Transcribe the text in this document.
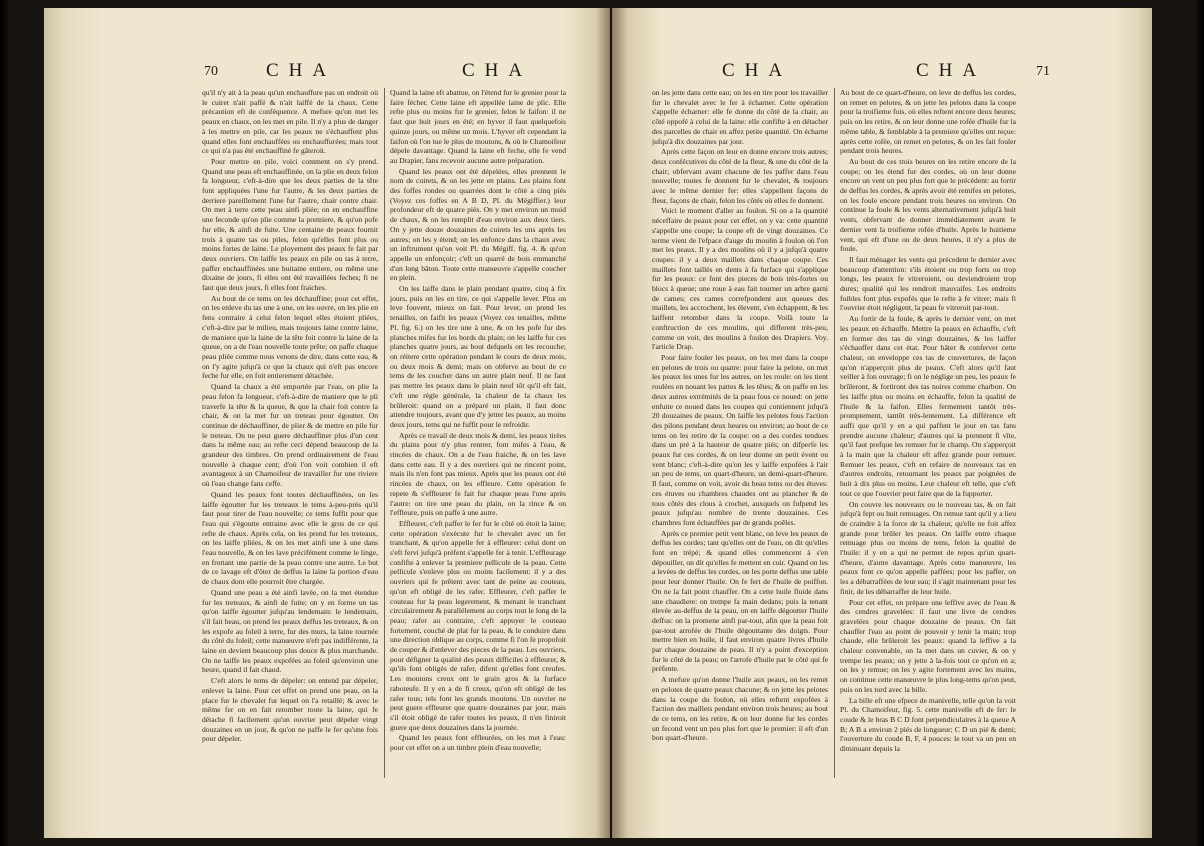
70	CHA	CHA

qu'il n'y ait à la peau qu'un enchauffure pas un endroit où le cuiret n'ait paffé & n'ait laiffé de la chaux. Cette précaution eft de conféquence. A mefure qu'on met les peaux en chaux, on les met en pile. Il n'y a plus de danger à les mettre en pile, car les peaux ne s'échauffent plus quand elles font enchauffées ou enchauffurées; mais tout ce qui n'a pas été enchauffiné fe gâteroit.

Pour mettre en pile, voici comment on s'y prend. Quand une peau eft enchauffinée, on la plie en deux felon fa longueur, c'eft-à-dire que les deux parties de la tête font appliquées l'une fur l'autre, & les deux parties de derriere pareillement l'une fur l'autre, chair contre chair. On met à terre cette peau ainfi pliée; on en enchauffine une feconde qu'on plie comme la premiere, & qu'on pofe fur elle, & ainfi de fuite. Une centaine de peaux fournit trois à quatre tas ou piles, felon qu'elles font plus ou moins fortes de laine. Le ployement des peaux fe fait par deux ouvriers. On laiffe les peaux en pile ou tas à terre, paffer enchauffinées une huitaine entiere, ou même une dixaine de jours, fi elles ont été travaillées feches; fi ne faut que deux jours, fi elles font fraiches.

Au bout de ce tems on les déchauffine; pour cet effet, on les enleve du tas une à une, on les ouvre, on les plie en fens contraire à celui felon lequel elles étoient pliées, c'eft-à-dire par le milieu, mais toujours laine contre laine, de maniere que la laine de la tête foit contre la laine de la queue, on a de l'eau nouvelle toute prête; on paffe chaque peau pliée comme nous venons de dire, dans cette eau, & on l'y agite jufqu'à ce que la chaux qui n'eft pas encore feche fur elle, en foit entierement détachée.

Quand la chaux a été emportée par l'eau, on plie la peau felon fa longueur, c'eft-à-dire de maniere que le pli traverfe la tête & la queue, & que la chair foit contre la chair, & on la met fur un treteau pour égoutter. On continue de déchauffiner, de plier & de mettre en pile fur le treteau. On ne peut guere déchauffiner plus d'un cent dans la même eau; au refte ceci dépend beaucoup de la grandeur des timbres. On prend ordinairement de l'eau nouvelle à chaque cent; d'où l'on voit combien il eft avantageux à un Chamoifeur de travailler fur une riviere où l'eau change fans ceffe.

Quand les peaux font toutes déchauffinées, on les laiffe égoutter fur les treteaux le tems à-peu-près qu'il faut pour tirer de l'eau nouvelle; ce tems fuffit pour que l'eau qui s'égoutte entraine avec elle le gros de ce qui refte de chaux. Après cela, on les prend fur les treteaux, on les laiffe pliées, & on les met ainfi une à une dans l'eau nouvelle, & on les lave précifément comme le linge, en frottant une partie de la peau contre une autre. Le but de ce lavage eft d'ôter de deffus la laine la portion d'eau de chaux dont elle pourroit être chargée.

Quand une peau a été ainfi lavée, on la met étendue fur les treteaux, & ainfi de fuite; on y en forme un tas qu'on laiffe égoutter jufqu'au lendemain: le lendemain, s'il fait beau, on prend les peaux deffus les treteaux, & on les expofe au foleil à terre, fur des murs, la laine tournée du côté du foleil; cette manœuvre n'eft pas indifférente, la laine en devient beaucoup plus douce & plus marchande. On ne laiffe les peaux expofées au foleil qu'environ une heure, quand il fait chaud.

C'eft alors le tems de dépeler: on entend par dépeler, enlever la laine. Pour cet effet on prend une peau, on la place fur le chevalet fur lequel on l'a retaillé; & avec le même fer on en fait retomber toute la laine, qui fe détache fi facilement qu'un ouvrier peut dépeler vingt douzaines en un jour, & qu'on ne paffe le fer qu'une fois pour dépeler.

Quand la laine eft abattue, on l'étend fur le grenier pour la faire fécher. Cette laine eft appellée laine de plic. Elle refte plus ou moins fur le grenier, felon le faifon: il ne faut que huit jours en été; en hyver il faut quelquefois quinze jours, ou même un mois. L'hyver eft cependant la faifon où l'on tue le plus de moutons, & où le Chamoifeur dépele davantage. Quand la laine eft feche, elle fe vend au Drapier, fans recevoir aucune autre préparation.

Quand les peaux ont été dépelées, elles prennent le nom de cuirets, & on les jette en plains. Les plains font des foffes rondes ou quarrées dont le côté a cinq piés (Voyez ces foffes en A B D, Pl. du Mégiffier.) leur profondeur eft de quatre piés. On y met environ un muid de chaux, & on les remplit d'eau environ aux deux tiers. On y jette douze douzaines de cuirets les uns après les autres; on les y étend; on les enfonce dans la chaux avec un inftrument qu'on voit Pl. du Mégiff. fig. 4. & qu'on appelle un enfonçoir; c'eft un quarré de bois emmanché d'un long bâton. Toute cette manœuvre s'appelle coucher en plein.

On les laiffe dans le plain pendant quatre, cinq à fix jours, puis on les en tire, ce qui s'appelle lever. Plus on leve fouvent, mieux on fait. Pour lever, on prend les tenailles, on faifit les peaux (Voyez ces tenailles, même Pl. fig. 6.) on les tire une à une, & on les pofe fur des planches mifes fur les bords du plain; on les laiffe fur ces planches quatre jours, au bout defquels on les recouche; on réitere cette opération pendant le cours de deux mois, ou deux mois & demi; mais on obferve au bout de ce tems de les coucher dans un autre plain neuf. Il ne faut pas mettre les peaux dans le plain neuf tôt qu'il eft fait, c'eft une régle générale, la chaleur de la chaux les brûleroit: quand on a préparé un plain, il faut donc attendre toujours, avant que d'y jetter les peaux, au moins deux jours, tems qui ne fuffit pour le refroidir.

Après ce travail de deux mois & demi, les peaux tirées du plains pour n'y plus rentrer, font mifes à l'eau, & rincées de chaux. On a de l'eau fraiche, & on les lave dans cette eau. Il y a des ouvriers qui ne rincent point, mais ils n'en font pas mieux. Après que les peaux ont été rincées de chaux, on les effleure. Cette opération fe repete & s'effleurer fe fait fur chaque peau l'une après l'autre: on tire une peau du plain, on la rince & on l'effleure, puis on paffe à une autre.

Effleurer, c'eft paffer le fer fur le côté où étoit la laine; cette opération s'exécute fur le chevalet avec un fer tranchant, & qu'on appelle fer à effleurer: celui dont on s'eft fervi jufqu'à préfent s'appelle fer à tenir. L'effleurage confifte à enlever la premiere pellicule de la peau. Cette pellicule s'enleve plus ou moins facilement: il y a des ouvriers qui fe prêtent avec tant de peine au couteau, qu'on eft obligé de les rafer. Effleurer, c'eft paffer le couteau fur la peau legerement, & menant le tranchant circulairement & parallélement au corps tout le long de la peau; rafer au contraire, c'eft appuyer le couteau fortement, couché de plat fur la peau, & le conduire dans une direction oblique au corps, comme fi l'on fe propofoit de couper & d'enlever des pieces de la peau. Les ouvriers, pour défigner la qualité des peaux difficiles à effleurer, & qu'ils font obligés de rafer, difent qu'elles font creufes. Les moutons creux ont le grain gros & la furface raboteufe. Il y en a de fi creux, qu'on eft obligé de les rafer tous; tels font les grands moutons. Un ouvrier ne peut guere effleurer que quatre douzaines par jour, mais s'il étoit obligé de rafer toutes les peaux, il n'en finiroit guere que deux douzaines dans la journée.

Quand les peaux font effleurées, on les met à l'eau: pour cet effet on a un timbre plein d'eau nouvelle;

CHA	CHA	71

on les jette dans cette eau; on les en tire pour les travailler fur le chevalet avec le fer à écharner. Cette opération s'appelle écharner: elle fe donne du côté de la chair, au côté oppofé à celui de la laine: elle confifte à en détacher des parcelles de chair en affez petite quantité. On écharne jufqu'à dix douzaines par jour.

Après cette façon on leur en donne encore trois autres; deux confécutives du côté de la fleur, & une du côté de la chair; obfervant avant chacune de les paffer dans l'eau nouvelle; toutes fe donnent fur le chevalet, & toujours avec le même dernier fer: elles s'appellent façons de fleur, façons de chair, felon les côtés où elles fe donnent.

Voici le moment d'aller au foulon. Si on a la quantité néceffaire de peaux pour cet effet, on y va: cette quantité s'appelle une coupe; la coupe eft de vingt douzaines. Ce terme vient de l'efpace d'auge du moulin à foulon où l'on met les peaux. Il y a des moulins où il y a jufqu'à quatre coupes: il y a deux maillets dans chaque coupe. Ces maillets font taillés en dents à fa furface qui s'applique fur les peaux: ce font des pieces de bois très-fortes ou blocs à queue; une roue à eau fait tourner un arbre garni de cames; ces cames correfpondent aux queues des maillets, les accrochent, les élevent, s'en échappent, & les laiffent retomber dans la coupe. Voilà toute la conftruction de ces moulins, qui different très-peu, comme on voit, des moulins à foulon des Drapiers. Voy. l'article Drap.

Pour faire fouler les peaux, on les met dans la coupe en pelotes de trois ou quatre: pour faire la pelote, on met les peaux les unes fur les autres, on les roule: on les tient roulées en nouant les pattes & les têtes; & on paffe en les deux autres extrémités de la peau fous ce noued: on jette enfuite ce noued dans les coupes qui contiennent jufqu'à 20 douzaines de peaux. On laiffe les pelotes fous l'action des pilons pendant deux heures ou environ; au bout de ce tems on les retire de la coupe: on a des cordes tendues dans un pré à la hauteur de quatre piés; on difperfe les peaux fur ces cordes, & on leur donne un petit évent ou vent blanc; c'eft-à-dire qu'on les y laiffe expofées à l'air un peu de tems, un quart-d'heure, un demi-quart-d'heure. Il faut, comme on voit, avoir du beau tems ou des étuves: ces étuves ou chambres chaudes ont au plancher & de tous côtés des clous à crochet, auxquels on fufpend les peaux jufqu'au nombre de trente douzaines. Ces chambres font échauffées par de grands poêles.

Après ce premier petit vent blanc, on leve les peaux de deffus les cordes; tant qu'elles ont de l'eau, on dit qu'elles font en trépé; & quand elles commencent à s'en dépouiller, on dit qu'elles fe mettent en cuir. Quand on les a levées de deffus les cordes, on les porte deffus une table pour leur donner l'huile. On fe fert de l'huile de poiffon. On ne la fait point chauffer. On a cette huile fluide dans une chaudiere: on trempe fa main dedans; puis la tenant élevée au-deffus de la peau, on en laiffe dégoutter l'huile deffus: on la promene ainfi par-tout, afin que la peau foit par-tout arrofée de l'huile dégouttante des doigts. Pour mettre bien en huile, il faut environ quatre livres d'huile par chaque douzaine de peau. Il n'y a point d'exception fur le côté de la peau; on l'arrofe d'huile par le côté qui fe préfente.

A mefure qu'on donne l'huile aux peaux, on les remet en pelotes de quatre peaux chacune; & on jette les pelotes dans la coupe du foulon, où elles reftent expofées à l'action des maillets pendant environ trois heures; au bout de ce tems, on les retire, & on leur donne fur les cordes un fecond vent un peu plus fort que le premier: il eft d'un bon quart-d'heure.

Au bout de ce quart-d'heure, on leve de deffus les cordes, on remet en pelotes, & on jette les pelotes dans la coupe pour la troifieme fois, où elles reftent encore deux heures; puis on les retire, & on leur donne une rofée d'huile fur la même table, & femblable à la premiere qu'elles ont reçue: après cette rofée, on remet en pelotes, & on les fait fouler pendant trois heures.

Au bout de ces trois heures on les retire encore de la coupe; on les étend fur des cordes, où on leur donne encore un vent un peu plus fort que le précédent: au fortir de deffus les cordes, & après avoir été remifes en pelotes, on les foule encore pendant trois heures ou environ. On continue la foule & les vents alternativement jufqu'à huit vents, obfervant de donner immédiatement avant le dernier vent la troifieme rofée d'huile. Après le huitieme vent, qui eft d'une ou de deux heures, il n'y a plus de foule.

Il faut ménager les vents qui précedent le dernier avec beaucoup d'attention: s'ils étoient ou trop forts ou trop longs, les peaux fe vitreroient, ou deviendroient trop dures; qualité qui les rendroit mauvaifes. Les endroits foibles font plus expofés que le refte à fe vitrer; mais fi l'ouvrier étoit négligent, la peau fe vitreroit par-tout.

Au fortir de la foule, & après le dernier vent, on met les peaux en échauffe. Mettre la peaux en échauffe, c'eft en former des tas de vingt douzaines, & les laiffer s'échauffer dans cet état. Pour hâter & conferver cette chaleur, on enveloppe ces tas de couvertures, de façon qu'on n'apperçoit plus de peaux. C'eft alors qu'il faut veiller à fon ouvrage; fi on le néglige un peu, les peaux fe brûleront, & fortiront des tas noires comme charbon. On les laiffe plus ou moins en échauffe, felon la qualité de l'huile & la faifon. Elles fermentent tantôt très-promptement, tantôt très-lentement. La différence eft auffi que qu'il y en a qui paffent le jour en tas fans prendre aucune chaleur; d'autres qui la prennent fi vîte, qu'il faut prefque les remuer fur le champ. On s'apperçoit à la main que la chaleur eft affez grande pour remuer. Remuer les peaux, c'eft en refaire de nouveaux tas en d'autres endroits, retournant les peaux par poignées de huit à dix plus ou moins. Leur chaleur eft telle, que c'eft tout ce que l'ouvrier peut faire que de la fupporter.

On couvre les nouveaux ou le nouveau tas, & on fait jufqu'à fept ou huit remuages. On remue tant qu'il y a lieu de craindre à la force de la chaleur, qu'elle ne foit affez grande pour brûler les peaux. On laiffe entre chaque remuage plus ou moins de tems, felon la qualité de l'huile: il y en a qui ne permet de repos qu'un quart-d'heure, d'autre davantage. Après cette manœuvre, les peaux font ce qu'on appelle paffées; pour les paffer, on les a débarraffées de leur eau; il s'agit maintenant pour les finir, de les débarraffer de leur huile.

Pour cet effet, on prépare une leffive avec de l'eau & des cendres gravelées: il faut une livre de cendres gravelées pour chaque douzaine de peaux. On fait chauffer l'eau au point de pouvoir y tenir la main; trop chaude, elle brûleroit les peaux: quand la leffive a la chaleur convenable, on la met dans un cuvier, & on y trempe les peaux; on y jette à la-fois tout ce qu'on en a; on les y remue; on les y agite fortement avec les mains, on continue cette manœuvre le plus long-tems qu'on peut, puis on les tord avec la bille.

La bille eft une efpece de manivelle, telle qu'on la voit Pl. du Chamoifeur, fig. 5. cette manivelle eft de fer: le coude & le bras B C D font perpendiculaires à la queue A B; A B a environ 2 piés de longueur; C D un pié & demi; l'ouverture du coude B, F, 4 pouces: le tout va un peu en diminuant depuis la
